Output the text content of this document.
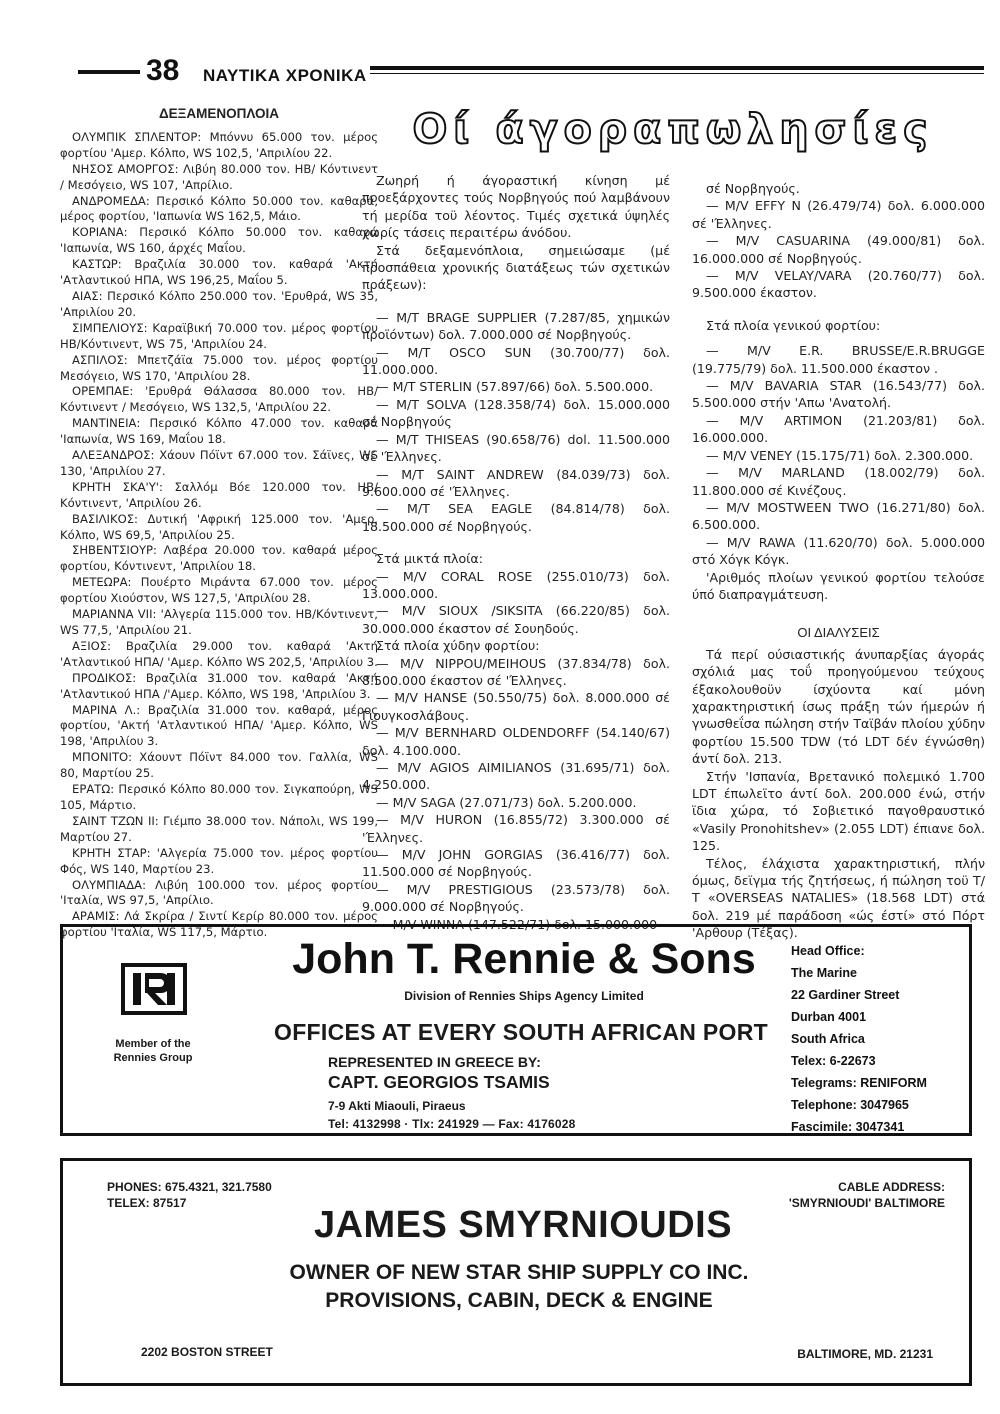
38 ΝΑΥΤΙΚΑ ΧΡΟΝΙΚΑ
Οί άγοραπωλησίες
ΔΕΞΑΜΕΝΟΠΛΟΙΑ
ΟΛΥΜΠΙΚ ΣΠΛΕΝΤΟΡ: Μπόννυ 65.000 τον. μέρος φορτίου 'Αμερ. Κόλπο, WS 102,5, 'Απριλίου 22.
ΝΗΣΟΣ ΑΜΟΡΓΟΣ: Λιβύη 80.000 τον. ΗΒ/ Κόντινεντ / Μεσόγειο, WS 107, 'Απρίλιο.
ΑΝΔΡΟΜΕΔΑ: Περσικό Κόλπο 50.000 τον. καθαρά, μέρος φορτίου, 'Ιαπωνία WS 162,5, Μάιο.
ΚΟΡΙΑΝΑ: Περσικό Κόλπο 50.000 τον. καθαρά 'Ιαπωνία, WS 160, άρχές Μαΐου.
ΚΑΣΤΩΡ: Βραζιλία 30.000 τον. καθαρά 'Ακτή 'Ατλαντικού ΗΠΑ, WS 196,25, Μαΐου 5.
ΑΙΑΣ: Περσικό Κόλπο 250.000 τον. 'Ερυθρά, WS 35, 'Απριλίου 20.
ΣΙΜΠΕΛΙΟΥΣ: Καραϊβική 70.000 τον. μέρος φορτίου ΗΒ/Κόντινεντ, WS 75, 'Απριλίου 24.
ΑΣΠΙΛΟΣ: Μπετζάϊα 75.000 τον. μέρος φορτίου Μεσόγειο, WS 170, 'Απριλίου 28.
ΟΡΕΜΠΑΕ: 'Ερυθρά Θάλασσα 80.000 τον. ΗΒ/Κόντινεντ / Μεσόγειο, WS 132,5, 'Απριλίου 22.
ΜΑΝΤΙΝΕΙΑ: Περσικό Κόλπο 47.000 τον. καθαρά 'Ιαπωνία, WS 169, Μαΐου 18.
ΑΛΕΞΑΝΔΡΟΣ: Χάουν Πόϊντ 67.000 τον. Σάϊνες, WS 130, 'Απριλίου 27.
ΚΡΗΤΗ ΣΚΑ'Υ': Σαλλόμ Βόε 120.000 τον. ΗΒ/Κόντινεντ, 'Απριλίου 26.
ΒΑΣΙΛΙΚΟΣ: Δυτική 'Αφρική 125.000 τον. 'Αμερ. Κόλπο, WS 69,5, 'Απριλίου 25.
ΣΗΒΕΝΤΣΙΟΥΡ: Λαβέρα 20.000 τον. καθαρά μέρος φορτίου, Κόντινεντ, 'Απριλίου 18.
ΜΕΤΕΩΡΑ: Πουέρτο Μιράντα 67.000 τον. μέρος φορτίου Χιούστον, WS 127,5, 'Απριλίου 28.
ΜΑΡΙΑΝΝΑ VII: 'Αλγερία 115.000 τον. ΗΒ/Κόντινεντ, WS 77,5, 'Απριλίου 21.
ΑΞΙΟΣ: Βραζιλία 29.000 τον. καθαρά 'Ακτή 'Ατλαντικού ΗΠΑ/ 'Αμερ. Κόλπο WS 202,5, 'Απριλίου 3.
ΠΡΟΔΙΚΟΣ: Βραζιλία 31.000 τον. καθαρά 'Ακτή 'Ατλαντικού ΗΠΑ /'Αμερ. Κόλπο, WS 198, 'Απριλίου 3.
ΜΑΡΙΝΑ Λ.: Βραζιλία 31.000 τον. καθαρά, μέρος φορτίου, 'Ακτή 'Ατλαντικού ΗΠΑ/ 'Αμερ. Κόλπο, WS 198, 'Απριλίου 3.
ΜΠΟΝΙΤΟ: Χάουντ Πόϊντ 84.000 τον. Γαλλία, WS 80, Μαρτίου 25.
ΕΡΑΤΩ: Περσικό Κόλπο 80.000 τον. Σιγκαπούρη, WS 105, Μάρτιο.
ΣΑΙΝΤ ΤΖΩΝ ΙΙ: Γιέμπο 38.000 τον. Νάπολι, WS 199, Μαρτίου 27.
ΚΡΗΤΗ ΣΤΑΡ: 'Αλγερία 75.000 τον. μέρος φορτίου Φός, WS 140, Μαρτίου 23.
ΟΛΥΜΠΙΑΔΑ: Λιβύη 100.000 τον. μέρος φορτίου 'Ιταλία, WS 97,5, 'Απρίλιο.
ΑΡΑΜΙΣ: Λά Σκρίρα / Σιντί Κερίρ 80.000 τον. μέρος φορτίου 'Ιταλία, WS 117,5, Μάρτιο.
Ζωηρή ή άγοραστική κίνηση μέ προεξάρχοντες τούς Νορβηγούς πού λαμβάνουν τή μερίδα τοϋ λέοντος. Τιμές σχετικά ύψηλές χωρίς τάσεις περαιτέρω άνόδου.
Στά δεξαμενόπλοια, σημειώσαμε (μέ προσπάθεια χρονικής διατάξεως τών σχετικών πράξεων):
— Μ/Τ BRAGE SUPPLIER (7.287/85, χημικών προϊόντων) δολ. 7.000.000 σέ Νορβηγούς.
— Μ/Τ OSCO SUN (30.700/77) δολ. 11.000.000.
— Μ/Τ STERLIN (57.897/66) δολ. 5.500.000.
— Μ/Τ SOLVA (128.358/74) δολ. 15.000.000 σέ Νορβηγούς
— Μ/Τ THISEAS (90.658/76) dol. 11.500.000 σέ 'Έλληνες.
— Μ/Τ SAINT ANDREW (84.039/73) δολ. 9.600.000 σέ 'Έλληνες.
— Μ/Τ SEA EAGLE (84.814/78) δολ. 18.500.000 σέ Νορβηγούς.
Στά μικτά πλοία:
— M/V CORAL ROSE (255.010/73) δολ. 13.000.000.
— M/V SIOUX /SIKSITA (66.220/85) δολ. 30.000.000 έκαστον σέ Σουηδούς.
Στά πλοία χύδην φορτίου:
— M/V NIPPOU/MEIHOUS (37.834/78) δολ. 8.500.000 έκαστον σέ 'Έλληνες.
— M/V HANSE (50.550/75) δολ. 8.000.000 σέ Γιουγκοσλάβους.
— M/V BERNHARD OLDENDORFF (54.140/67) δολ. 4.100.000.
— M/V AGIOS AIMILIANOS (31.695/71) δολ. 4.250.000.
— M/V SAGA (27.071/73) δολ. 5.200.000.
— M/V HURON (16.855/72) 3.300.000 σέ 'Έλληνες.
— M/V JOHN GORGIAS (36.416/77) δολ. 11.500.000 σέ Νορβηγούς.
— M/V PRESTIGIOUS (23.573/78) δολ. 9.000.000 σέ Νορβηγούς.
— M/V WINNA (147.522/71) δολ. 15.000.000
σέ Νορβηγούς.
— M/V EFFY N (26.479/74) δολ. 6.000.000 σέ 'Έλληνες.
— M/V CASUARINA (49.000/81) δολ. 16.000.000 σέ Νορβηγούς.
— M/V VELAY/VARA (20.760/77) δολ. 9.500.000 έκαστον.
Στά πλοία γενικού φορτίου:
— M/V E.R. BRUSSE/E.R.BRUGGE (19.775/79) δολ. 11.500.000 έκαστον .
— M/V BAVARIA STAR (16.543/77) δολ. 5.500.000 στήν 'Απω 'Ανατολή.
— M/V ARTIMON (21.203/81) δολ. 16.000.000.
— M/V VENEY (15.175/71) δολ. 2.300.000.
— M/V MARLAND (18.002/79) δολ. 11.800.000 σέ Κινέζους.
— M/V MOSTWEEN TWO (16.271/80) δολ. 6.500.000.
— M/V RAWA (11.620/70) δολ. 5.000.000 στό Χόγκ Κόγκ.
'Αριθμός πλοίων γενικού φορτίου τελούσε ύπό διαπραγμάτευση.
ΟΙ ΔΙΑΛΥΣΕΙΣ
Τά περί ούσιαστικής άνυπαρξίας άγοράς σχόλιά μας τοΰ προηγούμενου τεύχους έξακολουθοϋν ίσχύοντα καί μόνη χαρακτηριστική ίσως πράξη τών ήμερών ή γνωσθεΐσα πώληση στήν Ταϊβάν πλοίου χύδην φορτίου 15.500 TDW (τό LDT δέν έγνώσθη) άντί δολ. 213.
Στήν 'Ισπανία, Βρετανικό πολεμικό 1.700 LDT έπωλεϊτο άντί δολ. 200.000 ένώ, στήν ϊδια χώρα, τό Σοβιετικό παγοθραυστικό «Vasily Pronohitshev» (2.055 LDT) έπιανε δολ. 125.
Τέλος, έλάχιστα χαρακτηριστική, πλήν όμως, δεϊγμα τής ζητήσεως, ή πώληση τοϋ Τ/Τ «OVERSEAS NATALIES» (18.568 LDT) στά δολ. 219 μέ παράδοση «ώς έστί» στό Πόρτ 'Αρθουρ (Τέξας).
Member of the
Rennies Group
John T. Rennie & Sons
Division of Rennies Ships Agency Limited
OFFICES AT EVERY SOUTH AFRICAN PORT
REPRESENTED IN GREECE BY:
CAPT. GEORGIOS TSAMIS
7-9 Akti Miaouli, Piraeus
Tel: 4132998 · Tlx: 241929 — Fax: 4176028
Head Office:
The Marine
22 Gardiner Street
Durban 4001
South Africa
Telex: 6-22673
Telegrams: RENIFORM
Telephone: 3047965
Fascimile: 3047341
PHONES: 675.4321, 321.7580
TELEX: 87517
CABLE ADDRESS:
'SMYRNIOUDI' BALTIMORE
JAMES SMYRNIOUDIS
OWNER OF NEW STAR SHIP SUPPLY CO INC.
PROVISIONS, CABIN, DECK & ENGINE
2202 BOSTON STREET	BALTIMORE, MD. 21231
